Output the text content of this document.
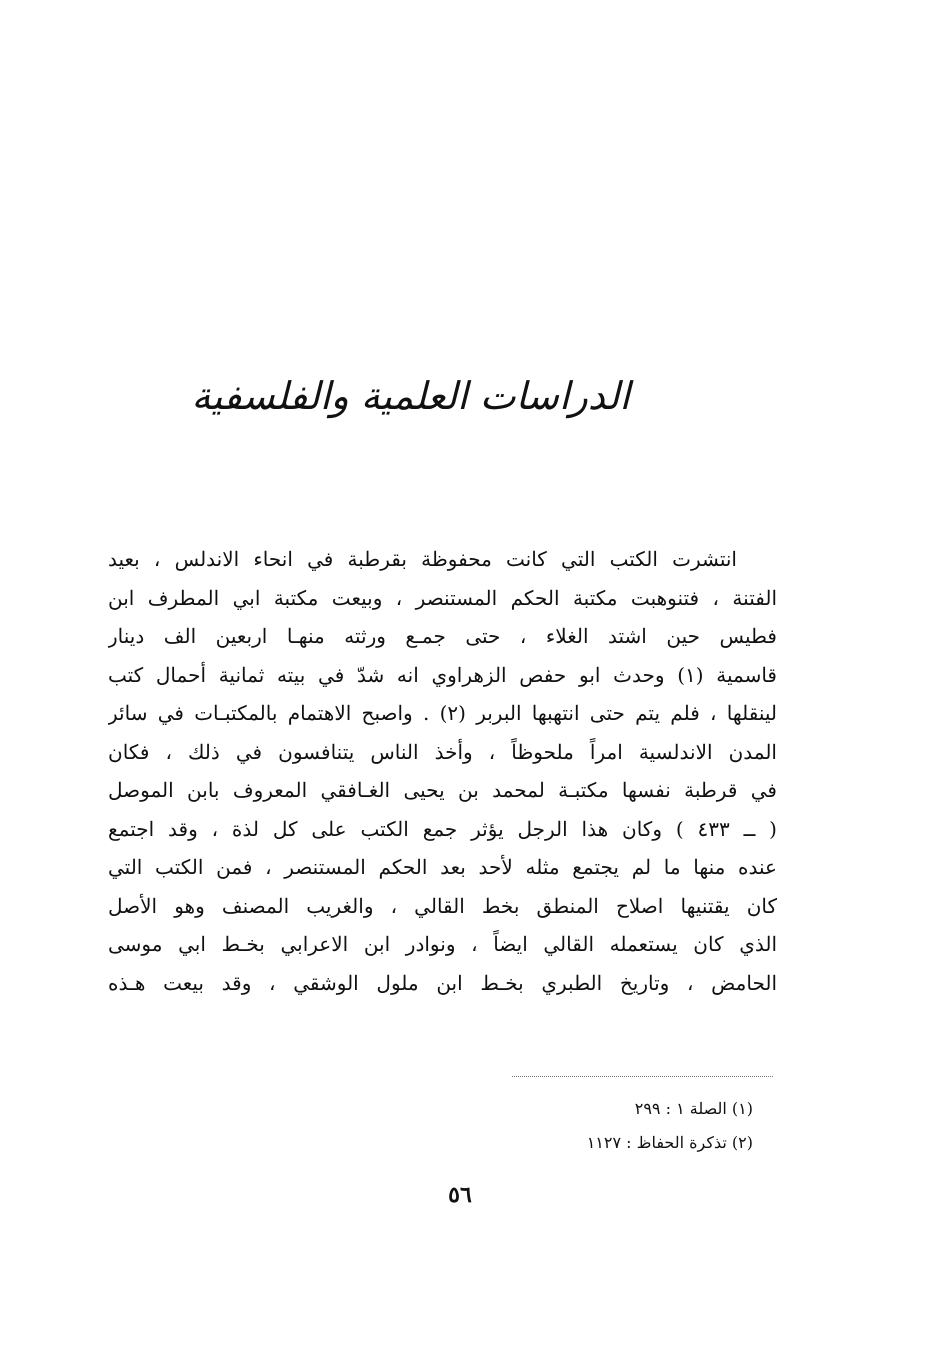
الدراسات العلمية والفلسفية
انتشرت الكتب التي كانت محفوظة بقرطبة في انحاء الاندلس ، بعيد
الفتنة ، فتنوهبت مكتبة الحكم المستنصر ، وبيعت مكتبة ابي المطرف ابن
فطيس حين اشتد الغلاء ، حتى جمـع ورثته منهـا اربعين الف دينار
قاسمية (١) وحدث ابو حفص الزهراوي انه شدّ في بيته ثمانية أحمال كتب
لينقلها ، فلم يتم حتى انتهبها البربر (٢) . واصبح الاهتمام بالمكتبـات في سائر
المدن الاندلسية امراً ملحوظاً ، وأخذ الناس يتنافسون في ذلك ، فكان
في قرطبة نفسها مكتبـة لمحمد بن يحيى الغـافقي المعروف بابن الموصل
( ــ ٤٣٣ ) وكان هذا الرجل يؤثر جمع الكتب على كل لذة ، وقد اجتمع
عنده منها ما لم يجتمع مثله لأحد بعد الحكم المستنصر ، فمن الكتب التي
كان يقتنيها اصلاح المنطق بخط القالي ، والغريب المصنف وهو الأصل
الذي كان يستعمله القالي ايضاً ، ونوادر ابن الاعرابي بخـط ابي موسى
الحامض ، وتاريخ الطبري بخـط ابن ملول الوشقي ، وقد بيعت هـذه
(١) الصلة ١ : ٢٩٩
(٢) تذكرة الحفاظ : ١١٢٧
٥٦
